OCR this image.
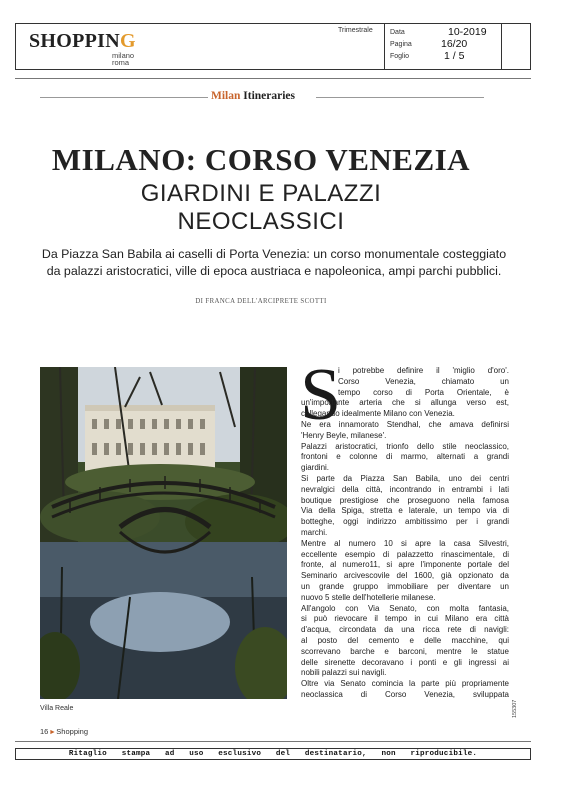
SHOPPING
milano
roma
Trimestrale Data	10-2019
Pagina	16/20
Foglio	1 / 5
Milan Itineraries
MILANO: CORSO VENEZIA
GIARDINI E PALAZZI
NEOCLASSICI
Da Piazza San Babila ai caselli di Porta Venezia: un corso monumentale costeggiato da palazzi aristocratici, ville di epoca austriaca e napoleonica, ampi parchi pubblici.
DI FRANCA DELL'ARCIPRETE SCOTTI
Villa Reale
S
i potrebbe definire il 'miglio d'oro'.
Corso Venezia, chiamato un
tempo corso di Porta Orientale, è
un'importante arteria che si allunga verso est,
collegando idealmente Milano con Venezia.
Ne era innamorato Stendhal, che amava definirsi
'Henry Beyle, milanese'.
Palazzi aristocratici, trionfo dello stile neoclassico,
frontoni e colonne di marmo, alternati a grandi
giardini.
Si parte da Piazza San Babila, uno dei centri
nevralgici della città, incontrando in entrambi i lati
boutique prestigiose che proseguono nella famosa
Via della Spiga, stretta e laterale, un tempo via di
botteghe, oggi indirizzo ambitissimo per i grandi
marchi.
Mentre al numero 10 si apre la casa Silvestri,
eccellente esempio di palazzetto rinascimentale, di
fronte, al numero11, si apre l'imponente portale del
Seminario arcivescovile del 1600, già opzionato da
un grande gruppo immobiliare per diventare un
nuovo 5 stelle dell'hotellerie milanese.
All'angolo con Via Senato, con molta fantasia,
si può rievocare il tempo in cui Milano era città
d'acqua, circondata da una ricca rete di navigli:
al posto del cemento e delle macchine, qui
scorrevano barche e barconi, mentre le statue
delle sirenette decoravano i ponti e gli ingressi ai
nobili palazzi sui navigli.
Oltre via Senato comincia la parte più propriamente
neoclassica di Corso Venezia, sviluppata
16 ▸ Shopping
155307
Ritaglio stampa ad uso esclusivo del destinatario, non riproducibile.
